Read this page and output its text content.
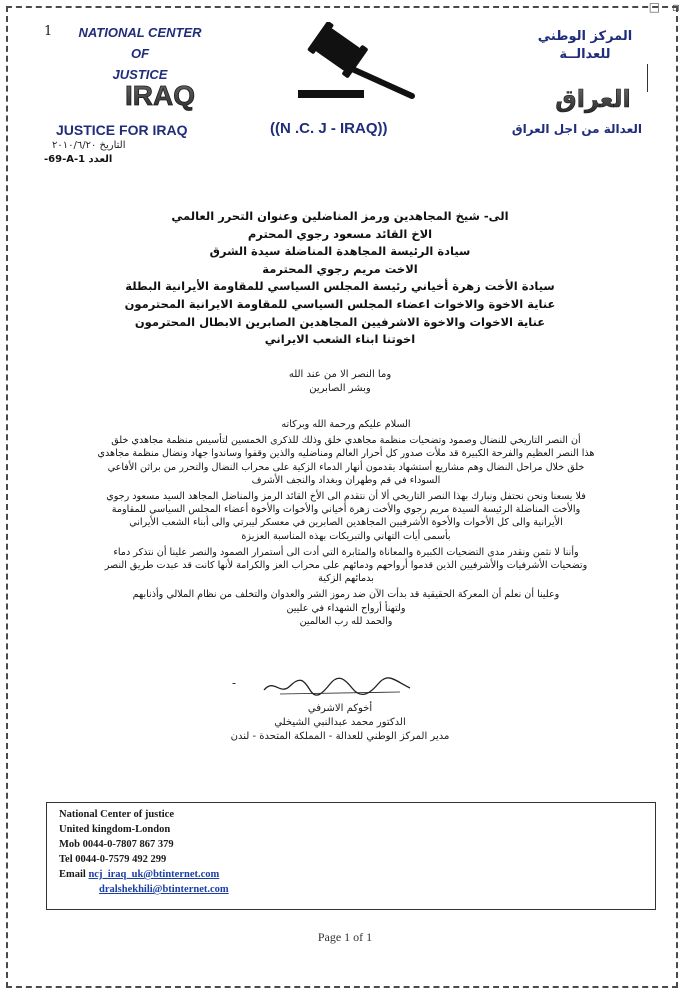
□ ▫
1	NATIONAL CENTER
OF
JUSTICE
IRAQ
المركز الوطني
للعدالــة
العراق
JUSTICE FOR IRAQ	((N .C. J - IRAQ))	العدالة من اجل العراق
التاريخ ٢٠١٠/٦/٢٠
-69-A-1 العدد
الى- شيخ المجاهدين ورمز المناضلين وعنوان التحرر العالمي
الاخ القائد مسعود رجوي المحترم
سيادة الرئيسة المجاهدة المناضلة سيدة الشرق
الاخت مريم رجوي المحترمة
سيادة الأخت زهرة أخياني رئيسة المجلس السياسي للمقاومة الأيرانية البطلة
عناية الاخوة والاخوات اعضاء المجلس السياسي للمقاومة الايرانية المحترمون
عناية الاخوات والاخوة الاشرفيين المجاهدين الصابرين الابطال المحترمون
اخوتنا ابناء الشعب الايراني
وما النصر الا من عند الله
وبشر الصابرين

السلام عليكم ورحمة الله وبركاته

أن النصر التاريخي للنضال وصمود وتضحيات منظمة مجاهدي خلق وذلك للذكرى الخمسين لتأسيس منظمة مجاهدي خلق

هذا النصر العظيم والفرحة الكبيرة قد ملأت صدور كل أحرار العالم ومناضليه والذين وقفوا وساندوا جهاد ونضال منظمة مجاهدي

خلق خلال مراحل النضال وهم مشاريع أستشهاد يقدمون أنهار الدماء الزكية على محراب النضال والتحرر من براثن الأفاعي

السوداء في قم وطهران وبغداد والنجف الأشرف

فلا يسعنا ونحن نحتفل ونبارك بهذا النصر التاريخي ألا أن نتقدم الى الأخ القائد الرمز والمناضل المجاهد السيد مسعود رجوي

والأخت المناضلة الرئيسة السيدة مريم رجوي والأخت زهرة أخياني والأخوات والأخوة أعضاء المجلس السياسي للمقاومة

الأيرانية والى كل الأخوات والأخوة الأشرفيين المجاهدين الصابرين في معسكر ليبرتي والى أبناء الشعب الأيراني

بأسمى أيات التهاني والتبريكات بهذه المناسبة العزيزة

وأننا لا نثمن ونقدر مدى التضحيات الكبيرة والمعاناة والمثابرة التي أدت الى أستمرار الصمود والنصر علينا أن نتذكر دماء

وتضحيات الأشرفيات والأشرفيين الذين قدموا أرواحهم ودمائهم على محراب العز والكرامة لأنها كانت قد عبدت طريق النصر

بدمائهم الزكية

وعلينا أن نعلم أن المعركة الحقيقية قد بدأت الآن ضد رموز الشر والعدوان والتخلف من نظام الملالي وأذنابهم

ولتهنأ أرواح الشهداء في عليين

والحمد لله رب العالمين

-
أخوكم الاشرفي
الدكتور محمد عبدالنبي الشيخلي
مدير المركز الوطني للعدالة - المملكة المتحدة - لندن
National Center of justice
United kingdom-London
Mob 0044-0-7807 867 379
Tel 0044-0-7579 492 299
Email ncj_iraq_uk@btinternet.com
dralshekhili@btinternet.com
Page 1 of 1
